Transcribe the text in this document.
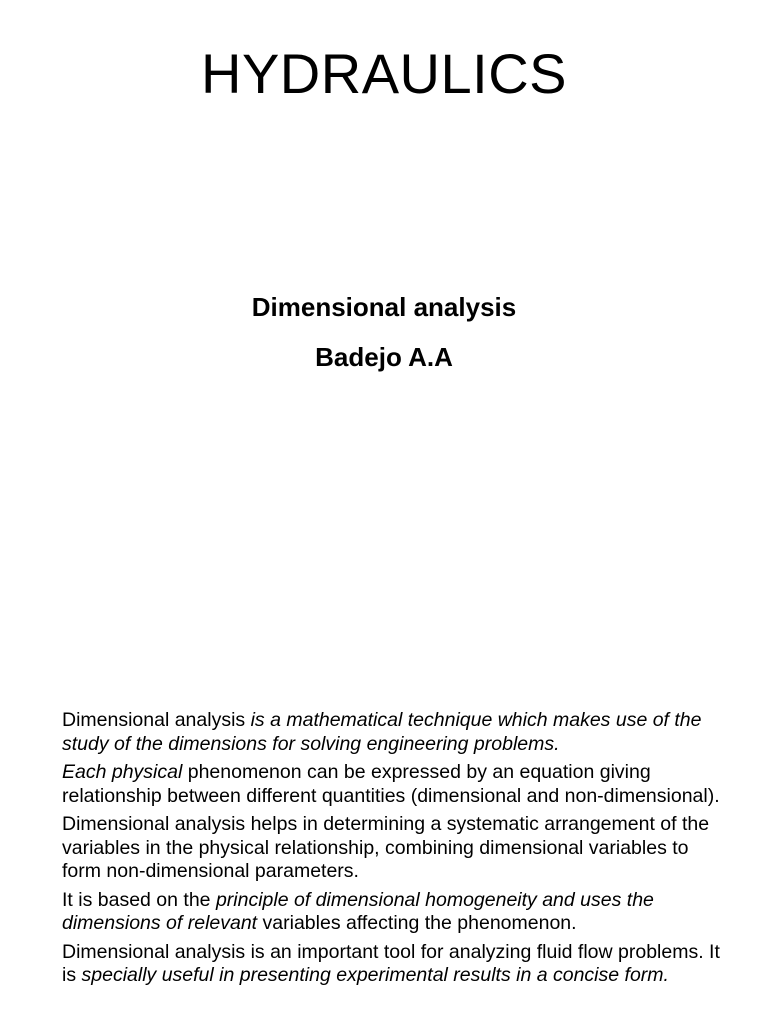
HYDRAULICS

Dimensional analysis

Badejo A.A

Dimensional analysis is a mathematical technique which makes use of the study of the dimensions for solving engineering problems.

Each physical phenomenon can be expressed by an equation giving relationship between different quantities (dimensional and non-dimensional).

Dimensional analysis helps in determining a systematic arrangement of the variables in the physical relationship, combining dimensional variables to form non-dimensional parameters.

It is based on the principle of dimensional homogeneity and uses the dimensions of relevant variables affecting the phenomenon.

Dimensional analysis is an important tool for analyzing fluid flow problems. It is specially useful in presenting experimental results in a concise form.
